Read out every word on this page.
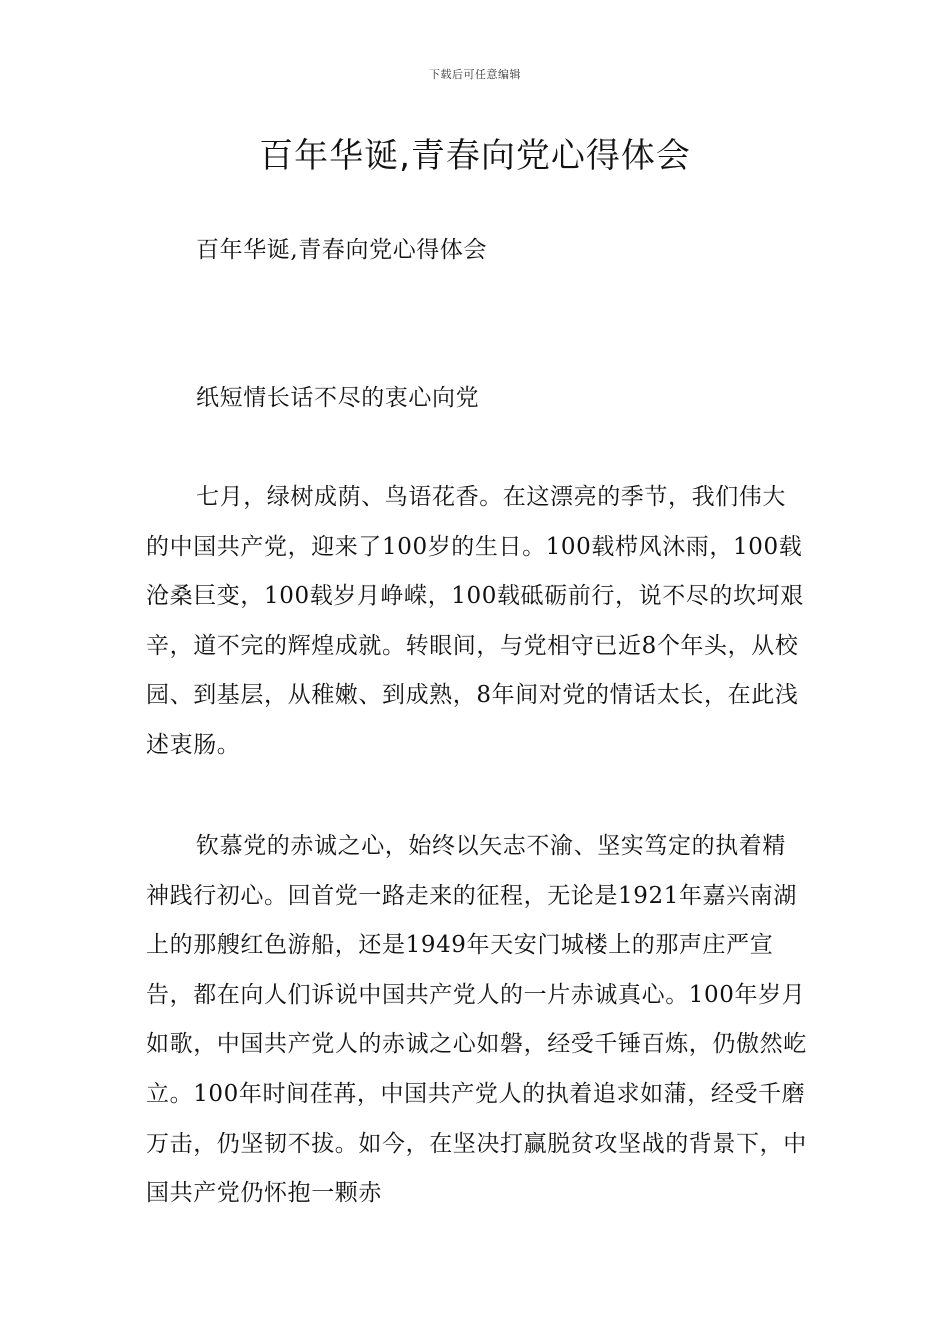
下载后可任意编辑
百年华诞,青春向党心得体会

百年华诞,青春向党心得体会

纸短情长话不尽的衷心向党

七月，绿树成荫、鸟语花香。在这漂亮的季节，我们伟大的中国共产党，迎来了100岁的生日。100载栉风沐雨，100载沧桑巨变，100载岁月峥嵘，100载砥砺前行，说不尽的坎坷艰辛，道不完的辉煌成就。转眼间，与党相守已近8个年头，从校园、到基层，从稚嫩、到成熟，8年间对党的情话太长，在此浅述衷肠。

钦慕党的赤诚之心，始终以矢志不渝、坚实笃定的执着精神践行初心。回首党一路走来的征程，无论是1921年嘉兴南湖上的那艘红色游船，还是1949年天安门城楼上的那声庄严宣告，都在向人们诉说中国共产党人的一片赤诚真心。100年岁月如歌，中国共产党人的赤诚之心如磐，经受千锤百炼，仍傲然屹立。100年时间荏苒，中国共产党人的执着追求如蒲，经受千磨万击，仍坚韧不拔。如今，在坚决打赢脱贫攻坚战的背景下，中国共产党仍怀抱一颗赤
